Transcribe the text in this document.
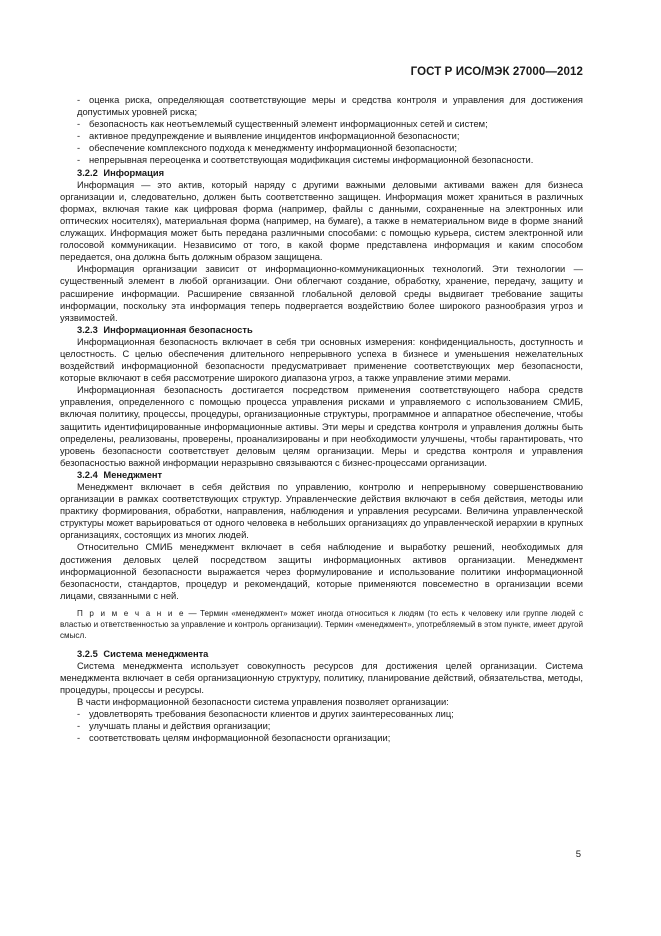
ГОСТ Р ИСО/МЭК 27000—2012

- оценка риска, определяющая соответствующие меры и средства контроля и управления для достижения допустимых уровней риска;

- безопасность как неотъемлемый существенный элемент информационных сетей и систем;

- активное предупреждение и выявление инцидентов информационной безопасности;

- обеспечение комплексного подхода к менеджменту информационной безопасности;

- непрерывная переоценка и соответствующая модификация системы информационной безопасности.

3.2.2 Информация

Информация — это актив, который наряду с другими важными деловыми активами важен для бизнеса организации и, следовательно, должен быть соответственно защищен. Информация может храниться в различных формах, включая такие как цифровая форма (например, файлы с данными, сохраненные на электронных или оптических носителях), материальная форма (например, на бумаге), а также в нематериальном виде в форме знаний служащих. Информация может быть передана различными способами: с помощью курьера, систем электронной или голосовой коммуникации. Независимо от того, в какой форме представлена информация и каким способом передается, она должна быть должным образом защищена.

Информация организации зависит от информационно-коммуникационных технологий. Эти технологии — существенный элемент в любой организации. Они облегчают создание, обработку, хранение, передачу, защиту и расширение информации. Расширение связанной глобальной деловой среды выдвигает требование защиты информации, поскольку эта информация теперь подвергается воздействию более широкого разнообразия угроз и уязвимостей.

3.2.3 Информационная безопасность

Информационная безопасность включает в себя три основных измерения: конфиденциальность, доступность и целостность. С целью обеспечения длительного непрерывного успеха в бизнесе и уменьшения нежелательных воздействий информационной безопасности предусматривает применение соответствующих мер безопасности, которые включают в себя рассмотрение широкого диапазона угроз, а также управление этими мерами.

Информационная безопасность достигается посредством применения соответствующего набора средств управления, определенного с помощью процесса управления рисками и управляемого с использованием СМИБ, включая политику, процессы, процедуры, организационные структуры, программное и аппаратное обеспечение, чтобы защитить идентифицированные информационные активы. Эти меры и средства контроля и управления должны быть определены, реализованы, проверены, проанализированы и при необходимости улучшены, чтобы гарантировать, что уровень безопасности соответствует деловым целям организации. Меры и средства контроля и управления безопасностью важной информации неразрывно связываются с бизнес-процессами организации.

3.2.4 Менеджмент

Менеджмент включает в себя действия по управлению, контролю и непрерывному совершенствованию организации в рамках соответствующих структур. Управленческие действия включают в себя действия, методы или практику формирования, обработки, направления, наблюдения и управления ресурсами. Величина управленческой структуры может варьироваться от одного человека в небольших организациях до управленческой иерархии в крупных организациях, состоящих из многих людей.

Относительно СМИБ менеджмент включает в себя наблюдение и выработку решений, необходимых для достижения деловых целей посредством защиты информационных активов организации. Менеджмент информационной безопасности выражается через формулирование и использование политики информационной безопасности, стандартов, процедур и рекомендаций, которые применяются повсеместно в организации всеми лицами, связанными с ней.

П р и м е ч а н и е — Термин «менеджмент» может иногда относиться к людям (то есть к человеку или группе людей с властью и ответственностью за управление и контроль организации). Термин «менеджмент», употребляемый в этом пункте, имеет другой смысл.

3.2.5 Система менеджмента

Система менеджмента использует совокупность ресурсов для достижения целей организации. Система менеджмента включает в себя организационную структуру, политику, планирование действий, обязательства, методы, процедуры, процессы и ресурсы.

В части информационной безопасности система управления позволяет организации:

- удовлетворять требования безопасности клиентов и других заинтересованных лиц;

- улучшать планы и действия организации;

- соответствовать целям информационной безопасности организации;

5
